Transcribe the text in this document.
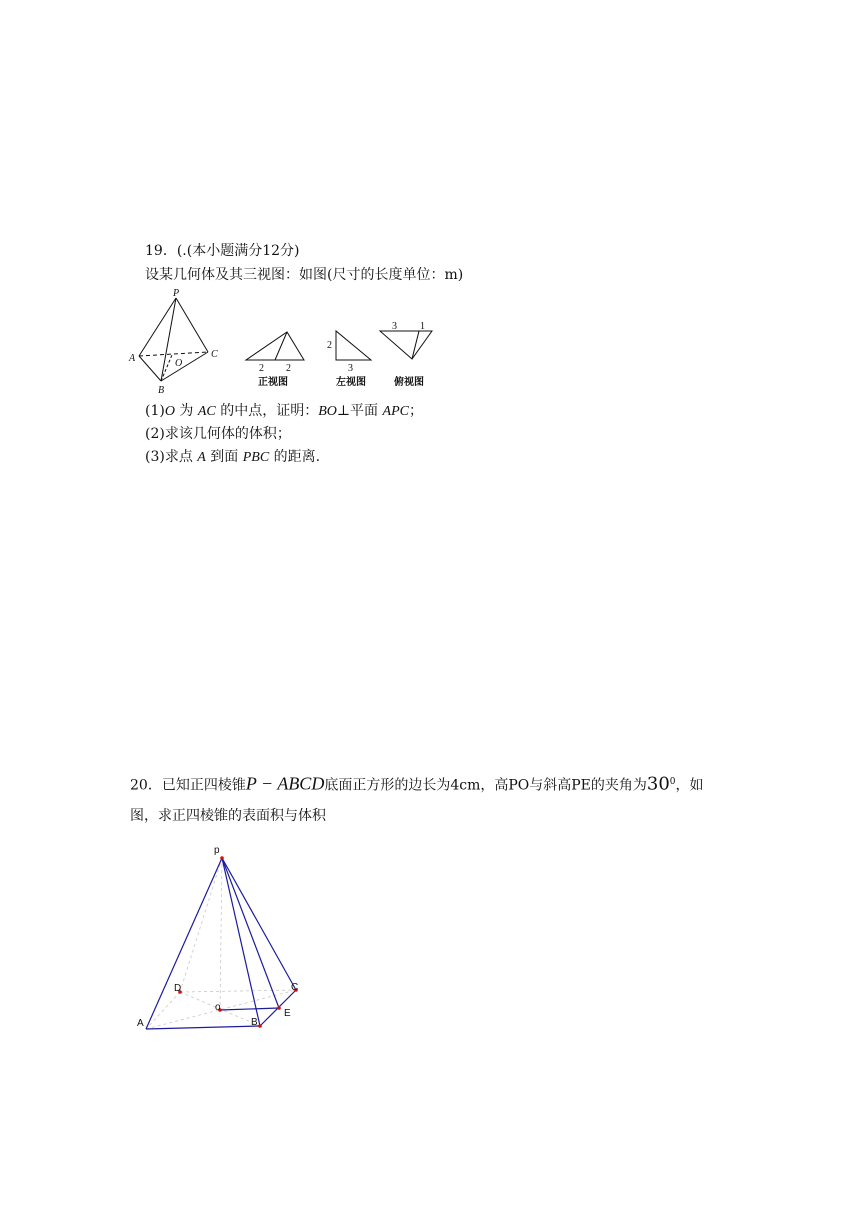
19．(.(本小题满分12分)
设某几何体及其三视图：如图(尺寸的长度单位：m)
P
A
B
C
O	2 2
2
3
3 1
正视图	左视图	俯视图
(1)O 为 AC 的中点，证明：BO⊥平面 APC；
(2)求该几何体的体积；
(3)求点 A 到面 PBC 的距离.
20．已知正四棱锥P − ABCD底面正方形的边长为4cm，高PO与斜高PE的夹角为$30^0$，如
图，求正四棱锥的表面积与体积
p
A	B
C
D
o
E
